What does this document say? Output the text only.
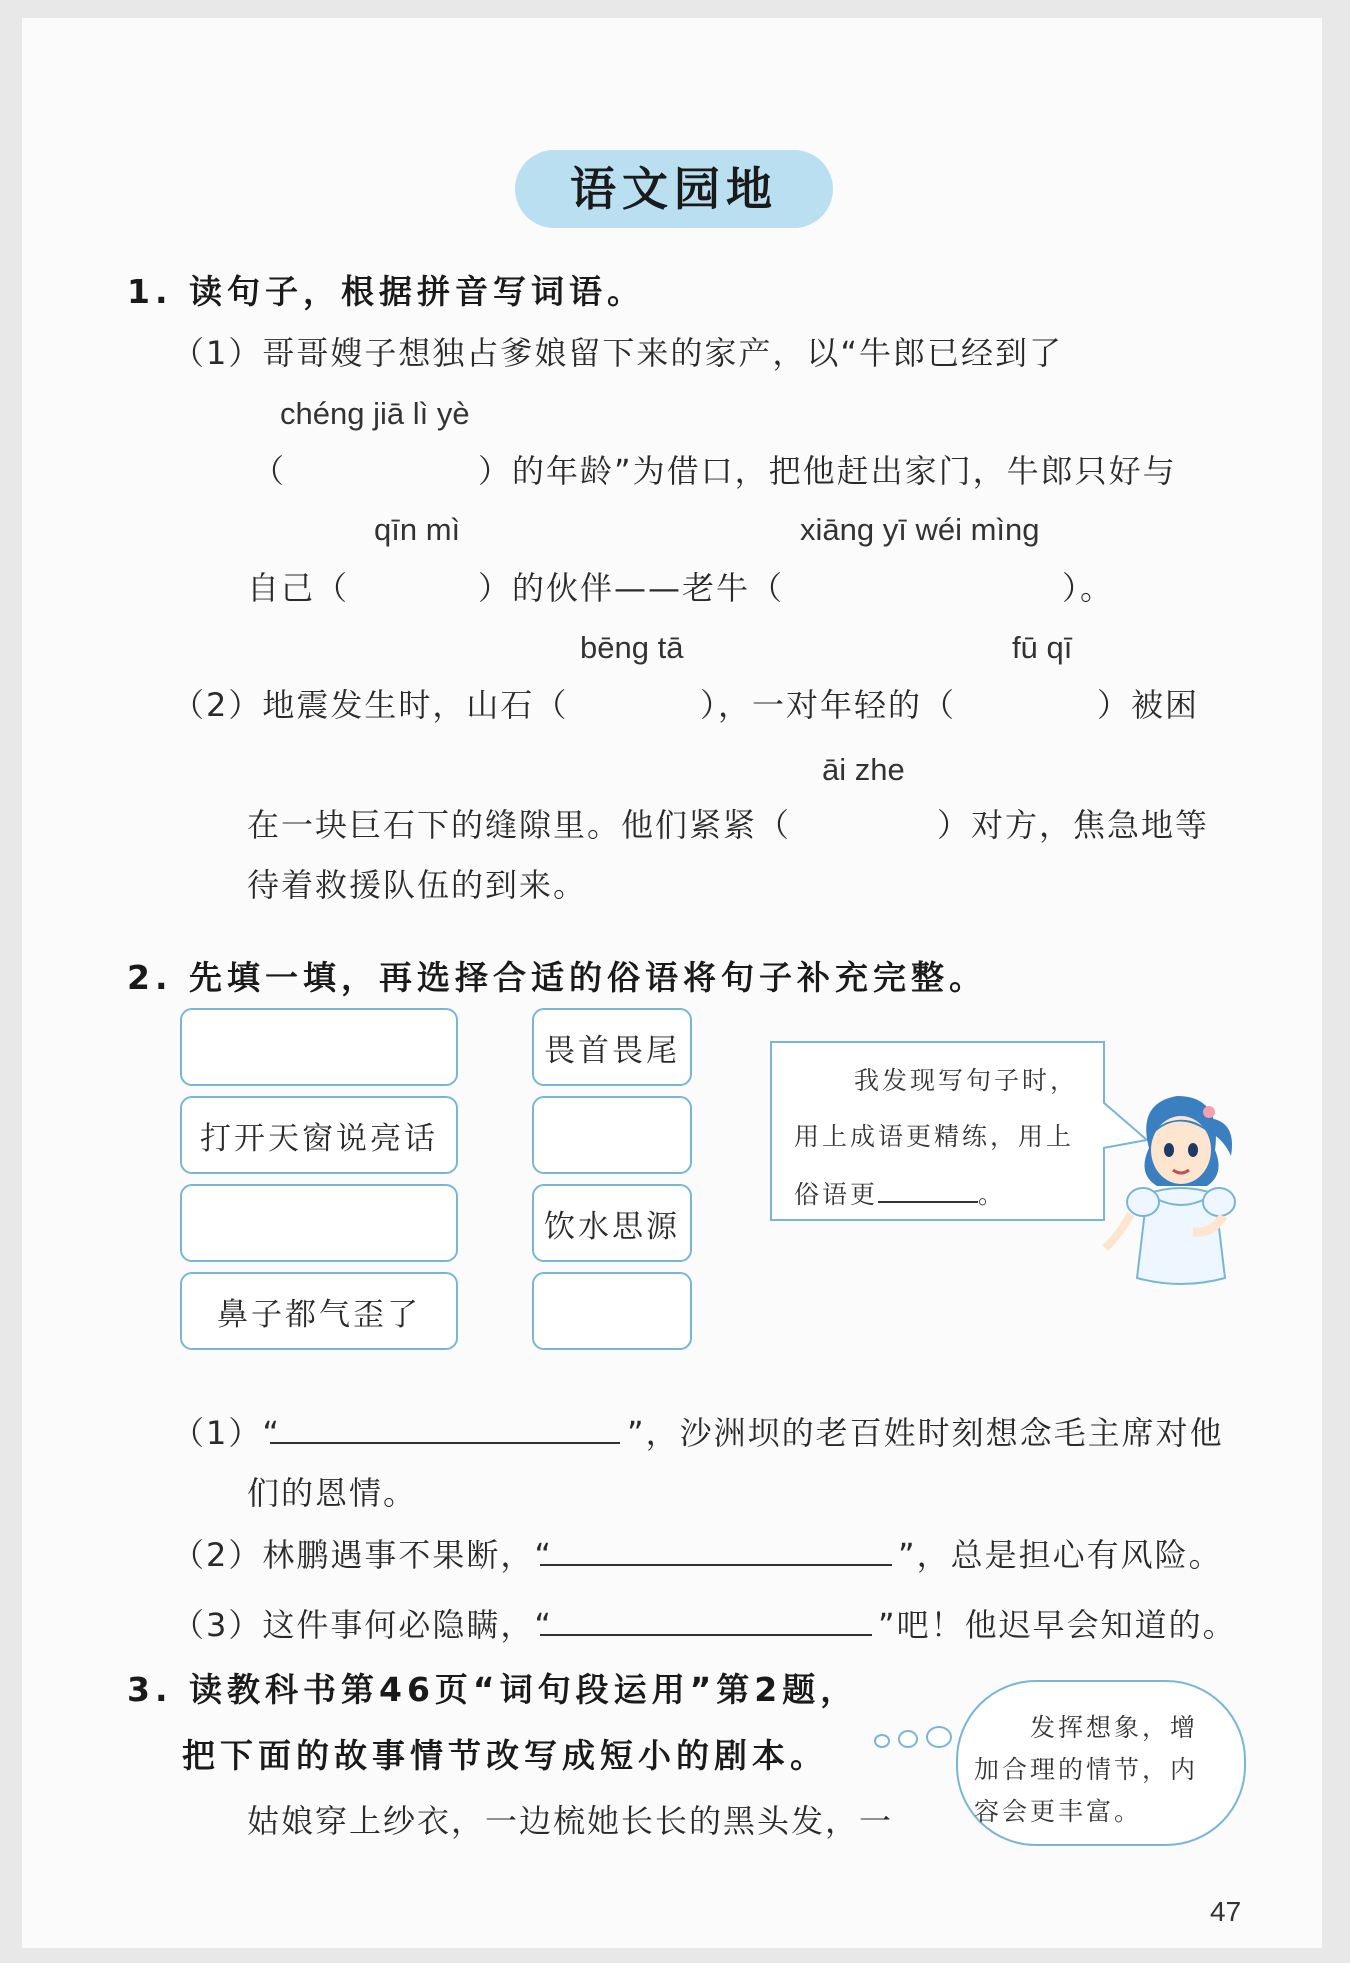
语文园地
1. 读句子，根据拼音写词语。
（1）哥哥嫂子想独占爹娘留下来的家产，以“牛郎已经到了
chéng jiā lì yè
（	）的年龄”为借口，把他赶出家门，牛郎只好与
qīn mì	xiāng yī wéi mìng
自己（	）的伙伴——老牛（	）。
bēng tā	fū qī
（2）地震发生时，山石（	），一对年轻的（	）被困
āi zhe
在一块巨石下的缝隙里。他们紧紧（	）对方，焦急地等
待着救援队伍的到来。
2. 先填一填，再选择合适的俗语将句子补充完整。
打开天窗说亮话
鼻子都气歪了
畏首畏尾
饮水思源
我发现写句子时，
用上成语更精练，用上
俗语更	。
（1）“	”，沙洲坝的老百姓时刻想念毛主席对他
们的恩情。
（2）林鹏遇事不果断，“	”，总是担心有风险。
（3）这件事何必隐瞒，“	”吧！他迟早会知道的。
3. 读教科书第46页“词句段运用”第2题，
把下面的故事情节改写成短小的剧本。
姑娘穿上纱衣，一边梳她长长的黑头发，一
发挥想象，增
加合理的情节，内
容会更丰富。
47
